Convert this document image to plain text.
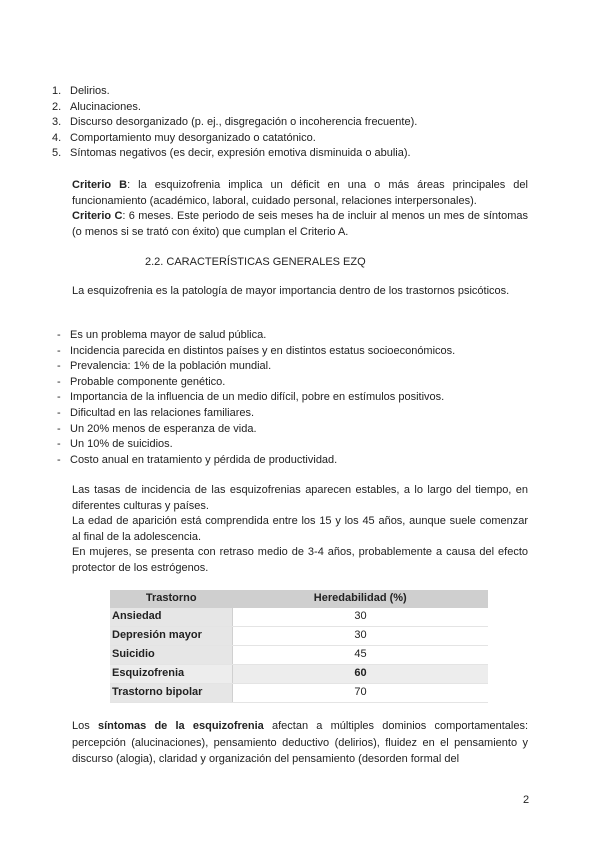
1. Delirios.
2. Alucinaciones.
3. Discurso desorganizado (p. ej., disgregación o incoherencia frecuente).
4. Comportamiento muy desorganizado o catatónico.
5. Síntomas negativos (es decir, expresión emotiva disminuida o abulia).
Criterio B: la esquizofrenia implica un déficit en una o más áreas principales del funcionamiento (académico, laboral, cuidado personal, relaciones interpersonales).
Criterio C: 6 meses. Este periodo de seis meses ha de incluir al menos un mes de síntomas (o menos si se trató con éxito) que cumplan el Criterio A.
2.2. CARACTERÍSTICAS GENERALES EZQ
La esquizofrenia es la patología de mayor importancia dentro de los trastornos psicóticos.
- Es un problema mayor de salud pública.
- Incidencia parecida en distintos países y en distintos estatus socioeconómicos.
- Prevalencia: 1% de la población mundial.
- Probable componente genético.
- Importancia de la influencia de un medio difícil, pobre en estímulos positivos.
- Dificultad en las relaciones familiares.
- Un 20% menos de esperanza de vida.
- Un 10% de suicidios.
- Costo anual en tratamiento y pérdida de productividad.
Las tasas de incidencia de las esquizofrenias aparecen estables, a lo largo del tiempo, en diferentes culturas y países.
La edad de aparición está comprendida entre los 15 y los 45 años, aunque suele comenzar al final de la adolescencia.
En mujeres, se presenta con retraso medio de 3-4 años, probablemente a causa del efecto protector de los estrógenos.
Trastorno	Heredabilidad (%)
Ansiedad	30
Depresión mayor	30
Suicidio	45
Esquizofrenia	60
Trastorno bipolar	70
Los síntomas de la esquizofrenia afectan a múltiples dominios comportamentales: percepción (alucinaciones), pensamiento deductivo (delirios), fluidez en el pensamiento y discurso (alogia), claridad y organización del pensamiento (desorden formal del
2
